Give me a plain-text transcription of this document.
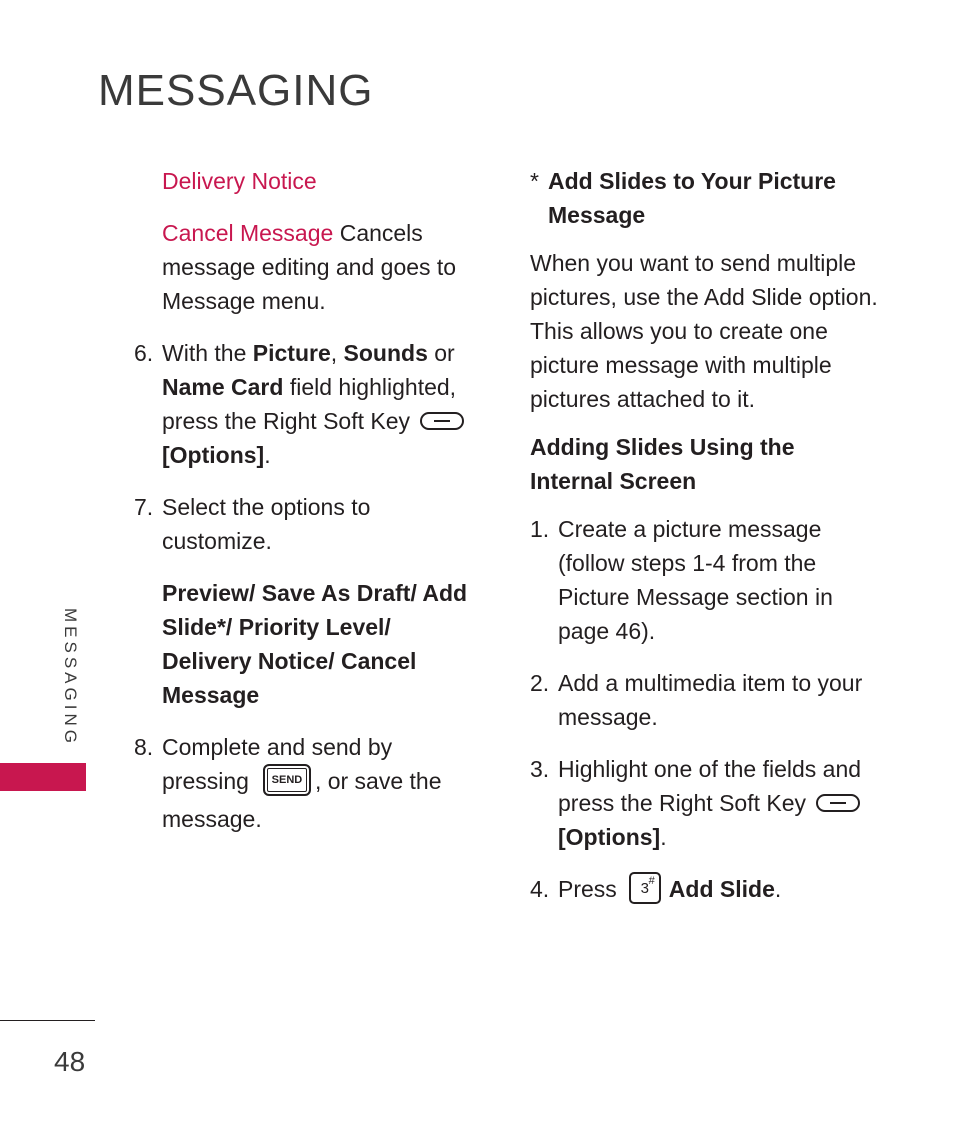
MESSAGING

Delivery Notice

Cancel Message Cancels message editing and goes to Message menu.

6. With the Picture, Sounds or Name Card field highlighted, press the Right Soft Key
[Options].
7. Select the options to customize.

Preview/ Save As Draft/ Add Slide*/ Priority Level/ Delivery Notice/ Cancel Message

8. Complete and send by pressing SEND , or save the message.
* Add Slides to Your Picture Message

When you want to send multiple pictures, use the Add Slide option. This allows you to create one picture message with multiple pictures attached to it.

Adding Slides Using the Internal Screen

1. Create a picture message (follow steps 1-4 from the Picture Message section in page 46).
2. Add a multimedia item to your message.
3. Highlight one of the fields and press the Right Soft Key
[Options].
4. Press 3 # Add Slide.
MESSAGING
48
